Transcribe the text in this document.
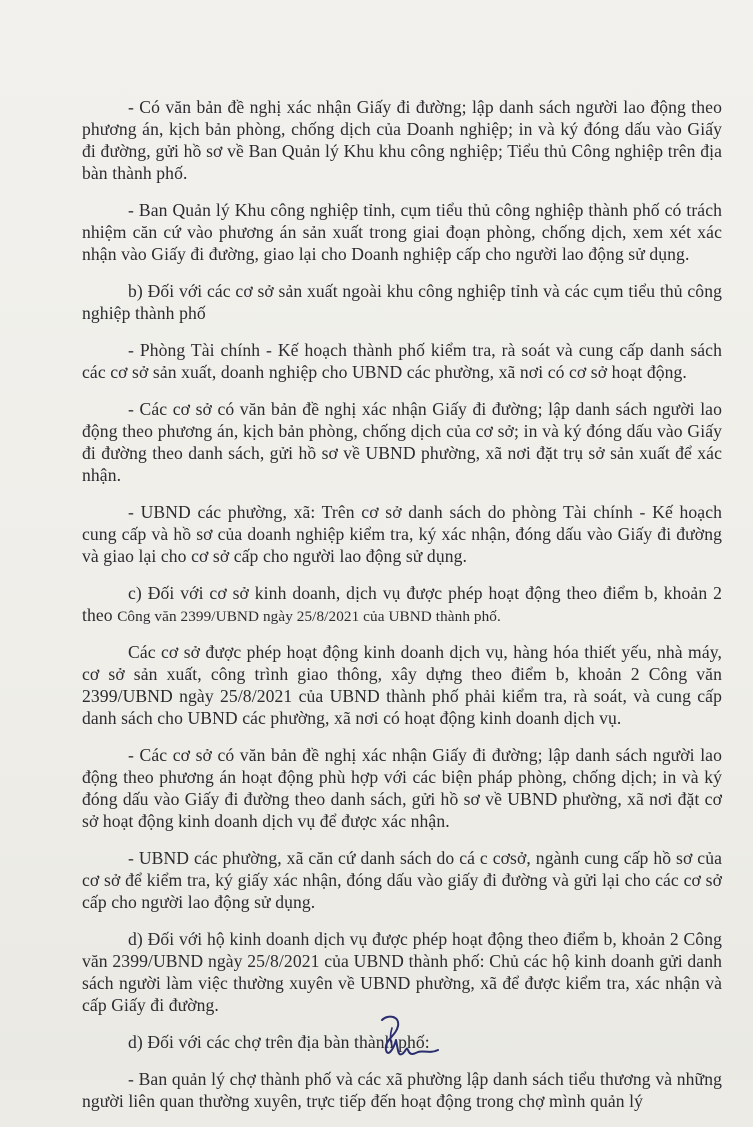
- Có văn bản đề nghị xác nhận Giấy đi đường; lập danh sách người lao động theo phương án, kịch bản phòng, chống dịch của Doanh nghiệp; in và ký đóng dấu vào Giấy đi đường, gửi hồ sơ về Ban Quản lý Khu khu công nghiệp; Tiểu thủ Công nghiệp trên địa bàn thành phố.

- Ban Quản lý Khu công nghiệp tỉnh, cụm tiểu thủ công nghiệp thành phố có trách nhiệm căn cứ vào phương án sản xuất trong giai đoạn phòng, chống dịch, xem xét xác nhận vào Giấy đi đường, giao lại cho Doanh nghiệp cấp cho người lao động sử dụng.

b) Đối với các cơ sở sản xuất ngoài khu công nghiệp tỉnh và các cụm tiểu thủ công nghiệp thành phố

- Phòng Tài chính - Kế hoạch thành phố kiểm tra, rà soát và cung cấp danh sách các cơ sở sản xuất, doanh nghiệp cho UBND các phường, xã nơi có cơ sở hoạt động.

- Các cơ sở có văn bản đề nghị xác nhận Giấy đi đường; lập danh sách người lao động theo phương án, kịch bản phòng, chống dịch của cơ sở; in và ký đóng dấu vào Giấy đi đường theo danh sách, gửi hồ sơ về UBND phường, xã nơi đặt trụ sở sản xuất để xác nhận.

- UBND các phường, xã: Trên cơ sở danh sách do phòng Tài chính - Kế hoạch cung cấp và hồ sơ của doanh nghiệp kiểm tra, ký xác nhận, đóng dấu vào Giấy đi đường và giao lại cho cơ sở cấp cho người lao động sử dụng.

c) Đối với cơ sở kinh doanh, dịch vụ được phép hoạt động theo điểm b, khoản 2 theo Công văn 2399/UBND ngày 25/8/2021 của UBND thành phố.

Các cơ sở được phép hoạt động kinh doanh dịch vụ, hàng hóa thiết yếu, nhà máy, cơ sở sản xuất, công trình giao thông, xây dựng theo điểm b, khoản 2 Công văn 2399/UBND ngày 25/8/2021 của UBND thành phố phải kiểm tra, rà soát, và cung cấp danh sách cho UBND các phường, xã nơi có hoạt động kinh doanh dịch vụ.

- Các cơ sở có văn bản đề nghị xác nhận Giấy đi đường; lập danh sách người lao động theo phương án hoạt động phù hợp với các biện pháp phòng, chống dịch; in và ký đóng dấu vào Giấy đi đường theo danh sách, gửi hồ sơ về UBND phường, xã nơi đặt cơ sở hoạt động kinh doanh dịch vụ để được xác nhận.

- UBND các phường, xã căn cứ danh sách do cá c cơsở, ngành cung cấp hồ sơ của cơ sở để kiểm tra, ký giấy xác nhận, đóng dấu vào giấy đi đường và gửi lại cho các cơ sở cấp cho người lao động sử dụng.

d) Đối với hộ kinh doanh dịch vụ được phép hoạt động theo điểm b, khoản 2 Công văn 2399/UBND ngày 25/8/2021 của UBND thành phố: Chủ các hộ kinh doanh gửi danh sách người làm việc thường xuyên về UBND phường, xã để được kiểm tra, xác nhận và cấp Giấy đi đường.

d) Đối với các chợ trên địa bàn thành phố:

- Ban quản lý chợ thành phố và các xã phường lập danh sách tiểu thương và những người liên quan thường xuyên, trực tiếp đến hoạt động trong chợ mình quản lý
